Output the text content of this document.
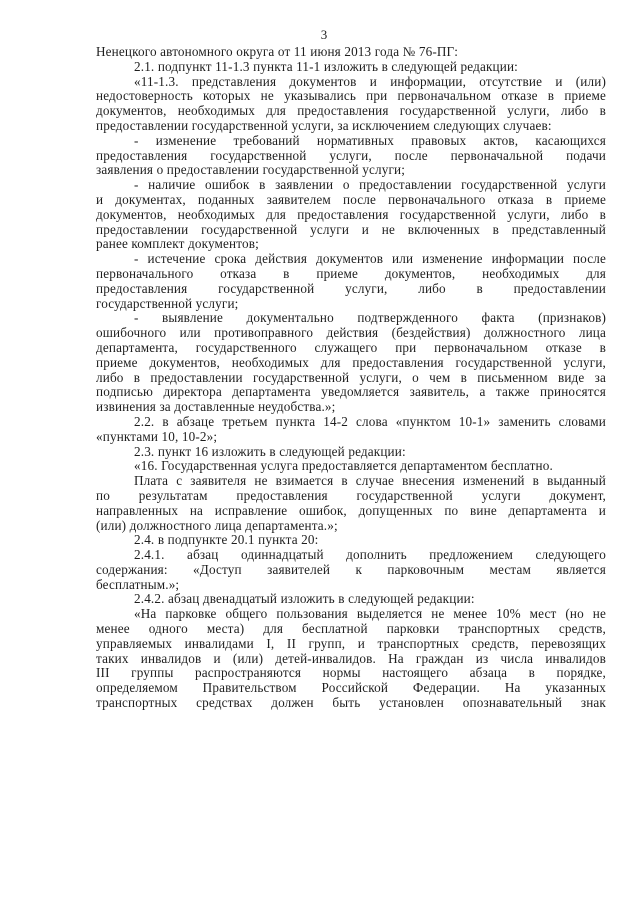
3
Ненецкого автономного округа от 11 июня 2013 года № 76-ПГ:
2.1. подпункт 11-1.3 пункта 11-1 изложить в следующей редакции:
«11-1.3. представления документов и информации, отсутствие и (или)
недостоверность которых не указывались при первоначальном отказе в приеме
документов, необходимых для предоставления государственной услуги, либо в
предоставлении государственной услуги, за исключением следующих случаев:
- изменение требований нормативных правовых актов, касающихся
предоставления государственной услуги, после первоначальной подачи
заявления о предоставлении государственной услуги;
- наличие ошибок в заявлении о предоставлении государственной услуги
и документах, поданных заявителем после первоначального отказа в приеме
документов, необходимых для предоставления государственной услуги, либо в
предоставлении государственной услуги и не включенных в представленный
ранее комплект документов;
- истечение срока действия документов или изменение информации после
первоначального отказа в приеме документов, необходимых для
предоставления государственной услуги, либо в предоставлении
государственной услуги;
- выявление документально подтвержденного факта (признаков)
ошибочного или противоправного действия (бездействия) должностного лица
департамента, государственного служащего при первоначальном отказе в
приеме документов, необходимых для предоставления государственной услуги,
либо в предоставлении государственной услуги, о чем в письменном виде за
подписью директора департамента уведомляется заявитель, а также приносятся
извинения за доставленные неудобства.»;
2.2. в абзаце третьем пункта 14-2 слова «пунктом 10-1» заменить словами
«пунктами 10, 10-2»;
2.3. пункт 16 изложить в следующей редакции:
«16. Государственная услуга предоставляется департаментом бесплатно.
Плата с заявителя не взимается в случае внесения изменений в выданный
по результатам предоставления государственной услуги документ,
направленных на исправление ошибок, допущенных по вине департамента и
(или) должностного лица департамента.»;
2.4. в подпункте 20.1 пункта 20:
2.4.1. абзац одиннадцатый дополнить предложением следующего
содержания: «Доступ заявителей к парковочным местам является
бесплатным.»;
2.4.2. абзац двенадцатый изложить в следующей редакции:
«На парковке общего пользования выделяется не менее 10% мест (но не
менее одного места) для бесплатной парковки транспортных средств,
управляемых инвалидами I, II групп, и транспортных средств, перевозящих
таких инвалидов и (или) детей-инвалидов. На граждан из числа инвалидов
III группы распространяются нормы настоящего абзаца в порядке,
определяемом Правительством Российской Федерации. На указанных
транспортных средствах должен быть установлен опознавательный знак
